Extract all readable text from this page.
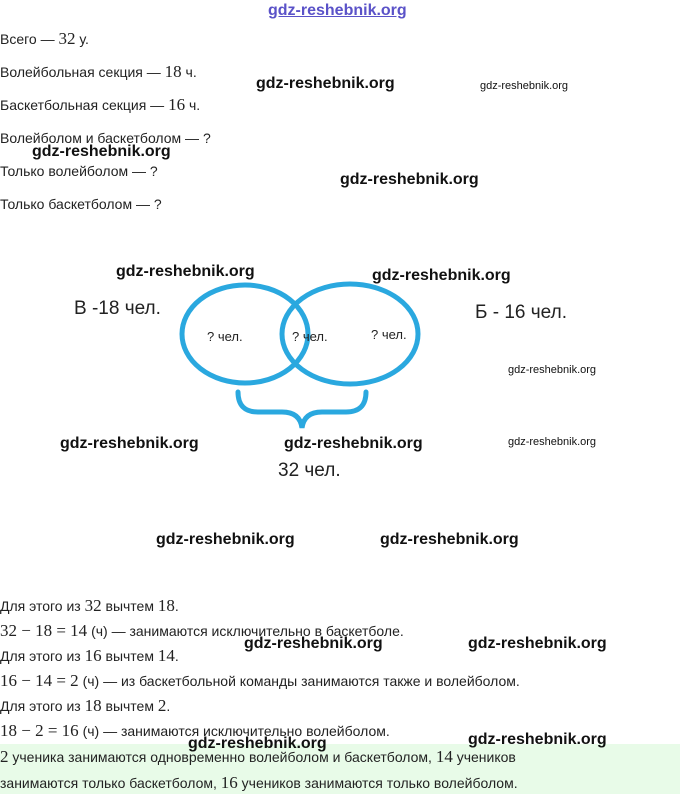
gdz-reshebnik.org
Всего — 32 у.
Волейбольная секция — 18 ч.
Баскетбольная секция — 16 ч.
Волейболом и баскетболом — ?
Только волейболом — ?
Только баскетболом — ?
В -18 чел.	Б - 16 чел.
? чел.	? чел.	? чел.
32 чел.
gdz-reshebnik.org	gdz-reshebnik.org
gdz-reshebnik.org
gdz-reshebnik.org
gdz-reshebnik.org	gdz-reshebnik.org
gdz-reshebnik.org
gdz-reshebnik.org	gdz-reshebnik.org	gdz-reshebnik.org
gdz-reshebnik.org	gdz-reshebnik.org
Для этого из 32 вычтем 18.
32 − 18 = 14 (ч) — занимаются исключительно в баскетболе.
Для этого из 16 вычтем 14.
16 − 14 = 2 (ч) — из баскетбольной команды занимаются также и волейболом.
Для этого из 18 вычтем 2.
18 − 2 = 16 (ч) — занимаются исключительно волейболом.
2 ученика занимаются одновременно волейболом и баскетболом, 14 учеников
занимаются только баскетболом, 16 учеников занимаются только волейболом.
gdz-reshebnik.org	gdz-reshebnik.org
gdz-reshebnik.org	gdz-reshebnik.org
